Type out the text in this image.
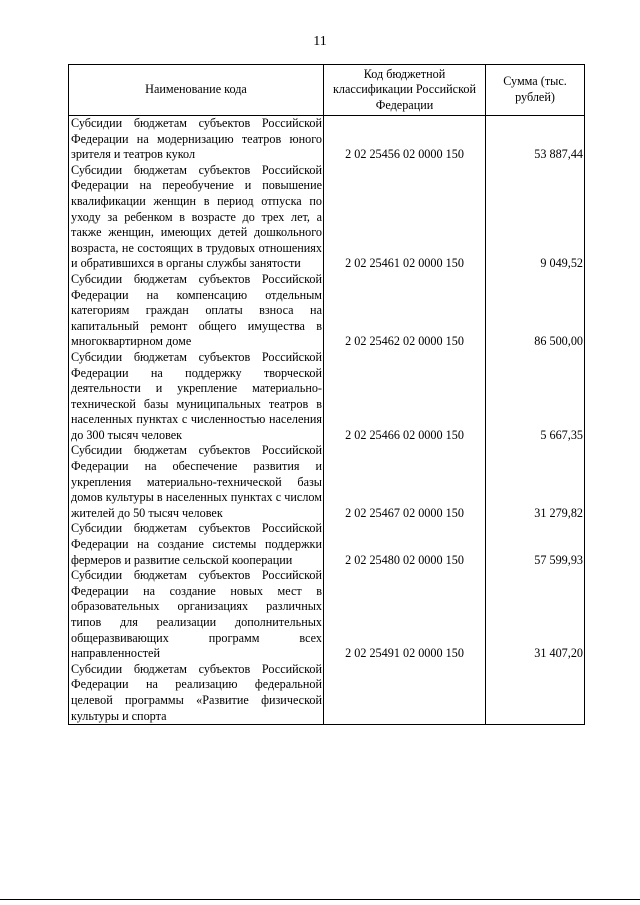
11
Наименование кода	Код бюджетной классификации Российской Федерации	Сумма (тыс. рублей)
Субсидии бюджетам субъектов Российской Федерации на модернизацию театров юного зрителя и театров кукол	2 02 25456 02 0000 150	53 887,44
Субсидии бюджетам субъектов Российской Федерации на переобучение и повышение квалификации женщин в период отпуска по уходу за ребенком в возрасте до трех лет, а также женщин, имеющих детей дошкольного возраста, не состоящих в трудовых отношениях и обратившихся в органы службы занятости	2 02 25461 02 0000 150	9 049,52
Субсидии бюджетам субъектов Российской Федерации на компенсацию отдельным категориям граждан оплаты взноса на капитальный ремонт общего имущества в многоквартирном доме	2 02 25462 02 0000 150	86 500,00
Субсидии бюджетам субъектов Российской Федерации на поддержку творческой деятельности и укрепление материально-технической базы муниципальных театров в населенных пунктах с численностью населения до 300 тысяч человек	2 02 25466 02 0000 150	5 667,35
Субсидии бюджетам субъектов Российской Федерации на обеспечение развития и укрепления материально-технической базы домов культуры в населенных пунктах с числом жителей до 50 тысяч человек	2 02 25467 02 0000 150	31 279,82
Субсидии бюджетам субъектов Российской Федерации на создание системы поддержки фермеров и развитие сельской кооперации	2 02 25480 02 0000 150	57 599,93
Субсидии бюджетам субъектов Российской Федерации на создание новых мест в образовательных организациях различных типов для реализации дополнительных общеразвивающих программ всех направленностей	2 02 25491 02 0000 150	31 407,20
Субсидии бюджетам субъектов Российской Федерации на реализацию федеральной целевой программы «Развитие физической культуры и спорта		
